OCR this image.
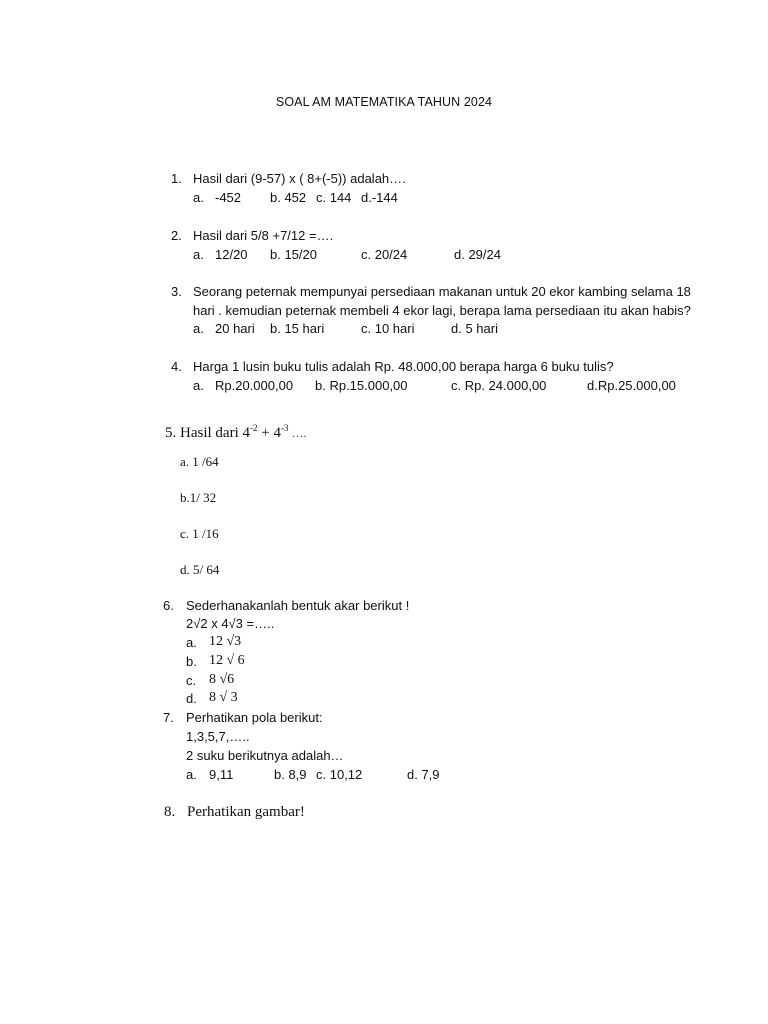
SOAL AM MATEMATIKA TAHUN 2024
1. Hasil dari (9-57) x ( 8+(-5)) adalah….
a. -452 b. 452 c. 144 d.-144
2. Hasil dari 5/8 +7/12 =….
a. 12/20 b. 15/20	c. 20/24	d. 29/24
3. Seorang peternak mempunyai persediaan makanan untuk 20 ekor kambing selama 18
hari . kemudian peternak membeli 4 ekor lagi, berapa lama persediaan itu akan habis?
a. 20 hari b. 15 hari	c. 10 hari	d. 5 hari
4. Harga 1 lusin buku tulis adalah Rp. 48.000,00 berapa harga 6 buku tulis?
a. Rp.20.000,00 b. Rp.15.000,00	c. Rp. 24.000,00	d.Rp.25.000,00
5. Hasil dari $4^{-2} + 4^{-3}$ ….
a. 1 /64
b.1/ 32
c. 1 /16
d. 5/ 64
6. Sederhanakanlah bentuk akar berikut !
2√2 x 4√3 =…..
a. 12 √3
b. 12 √ 6
c. 8 √6
d. 8 √ 3
7. Perhatikan pola berikut:
1,3,5,7,…..
2 suku berikutnya adalah…
a. 9,11	b. 8,9 c. 10,12	d. 7,9
8. Perhatikan gambar!
